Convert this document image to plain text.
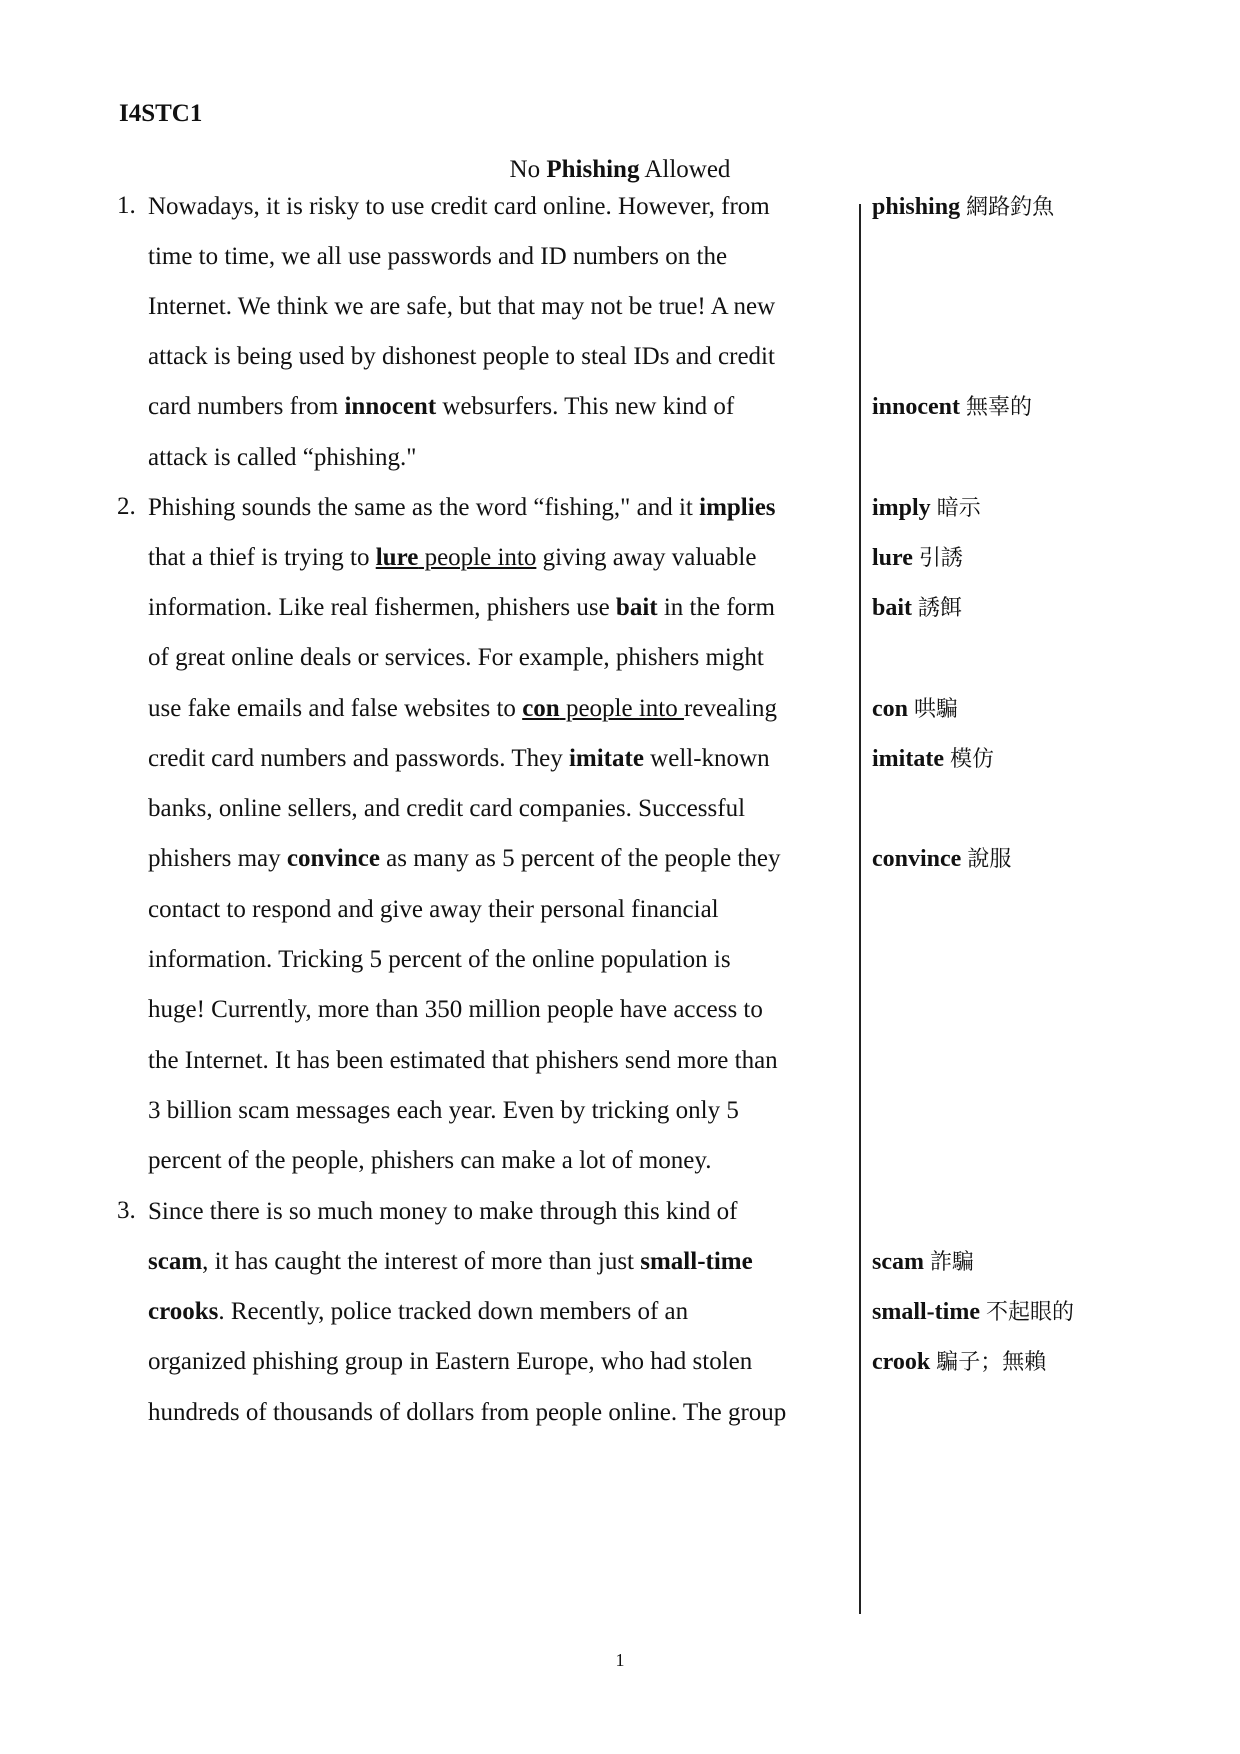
I4STC1
No Phishing Allowed
1.
2.
3.
Nowadays, it is risky to use credit card online. However, from
time to time, we all use passwords and ID numbers on the
Internet. We think we are safe, but that may not be true! A new
attack is being used by dishonest people to steal IDs and credit
card numbers from innocent websurfers. This new kind of
attack is called “phishing."
Phishing sounds the same as the word “fishing," and it implies
that a thief is trying to lure people into giving away valuable
information. Like real fishermen, phishers use bait in the form
of great online deals or services. For example, phishers might
use fake emails and false websites to con people into revealing
credit card numbers and passwords. They imitate well-known
banks, online sellers, and credit card companies. Successful
phishers may convince as many as 5 percent of the people they
contact to respond and give away their personal financial
information. Tricking 5 percent of the online population is
huge! Currently, more than 350 million people have access to
the Internet. It has been estimated that phishers send more than
3 billion scam messages each year. Even by tricking only 5
percent of the people, phishers can make a lot of money.
Since there is so much money to make through this kind of
scam, it has caught the interest of more than just small-time
crooks. Recently, police tracked down members of an
organized phishing group in Eastern Europe, who had stolen
hundreds of thousands of dollars from people online. The group
phishing 網路釣魚
innocent 無辜的
imply 暗示
lure 引誘
bait 誘餌
con 哄騙
imitate 模仿
convince 說服
scam 詐騙
small-time 不起眼的
crook 騙子；無賴
1
